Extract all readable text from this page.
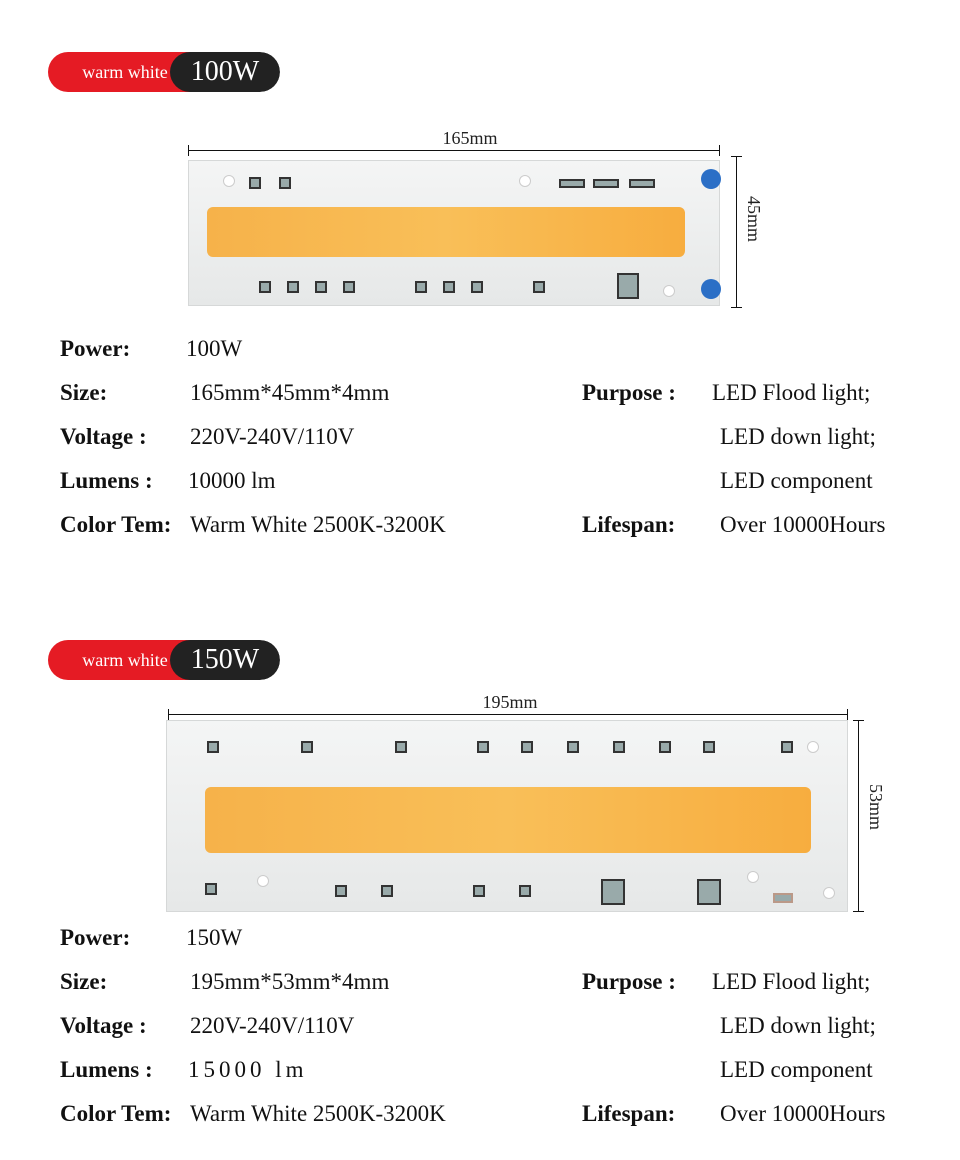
warm white 100W
165mm
45mm
Power: 100W
Size:	165mm*45mm*4mm
Voltage : 220V-240V/110V
Lumens : 10000 lm
Color Tem: Warm White 2500K-3200K
Purpose : LED Flood light;
LED down light;
LED component
Lifespan: Over 10000Hours
warm white 150W
195mm
53mm
Power: 150W
Size:	195mm*53mm*4mm
Voltage : 220V-240V/110V
Lumens : 15000 lm
Color Tem: Warm White 2500K-3200K
Purpose : LED Flood light;
LED down light;
LED component
Lifespan: Over 10000Hours
